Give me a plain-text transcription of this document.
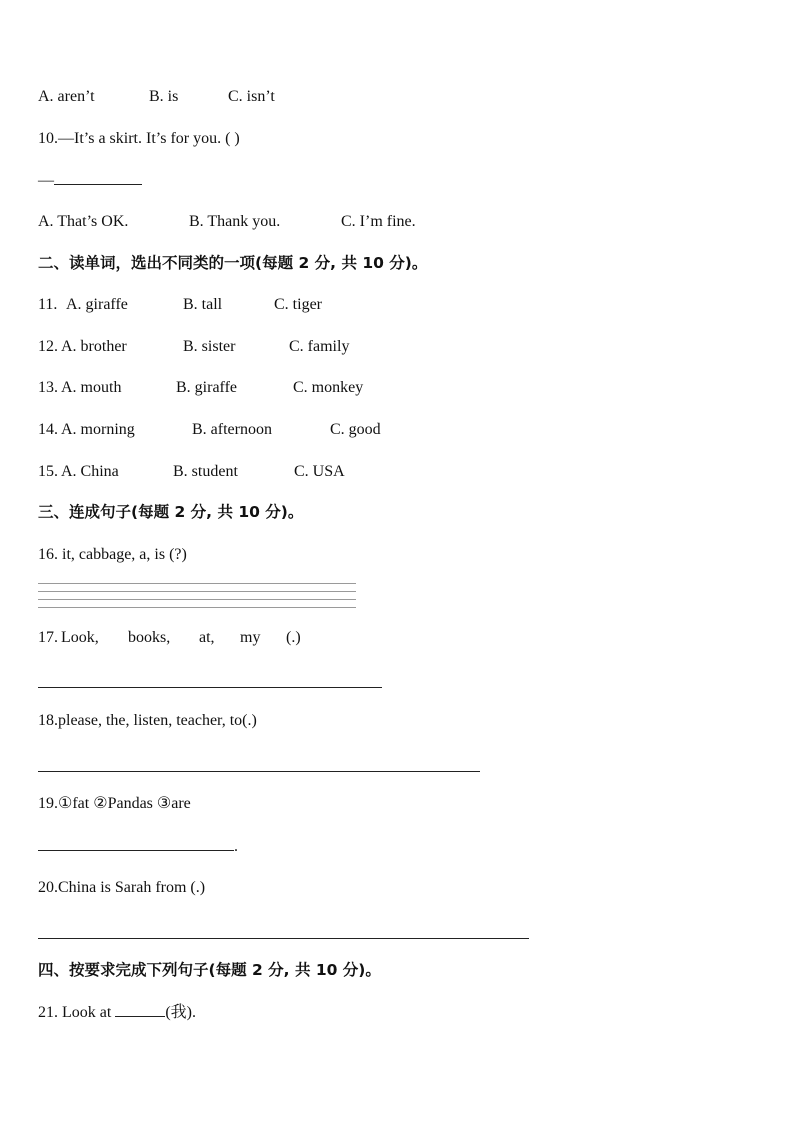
A. aren’t	B. is	C. isn’t
10.—It’s a skirt. It’s for you. ( )
—
A. That’s OK.	B. Thank you.	C. I’m fine.
二、读单词，选出不同类的一项(每题 2 分, 共 10 分)。
11. A. giraffe	B. tall	C. tiger
12. A. brother	B. sister	C. family
13. A. mouth	B. giraffe	C. monkey
14. A. morning	B. afternoon	C. good
15. A. China	B. student	C. USA
三、连成句子(每题 2 分, 共 10 分)。
16. it, cabbage, a, is (?)
17. Look, books, at, my (.)
18.please, the, listen, teacher, to(.)
19.①fat ②Pandas ③are
.
20.China is Sarah from (.)
四、按要求完成下列句子(每题 2 分, 共 10 分)。
21. Look at	(我).
